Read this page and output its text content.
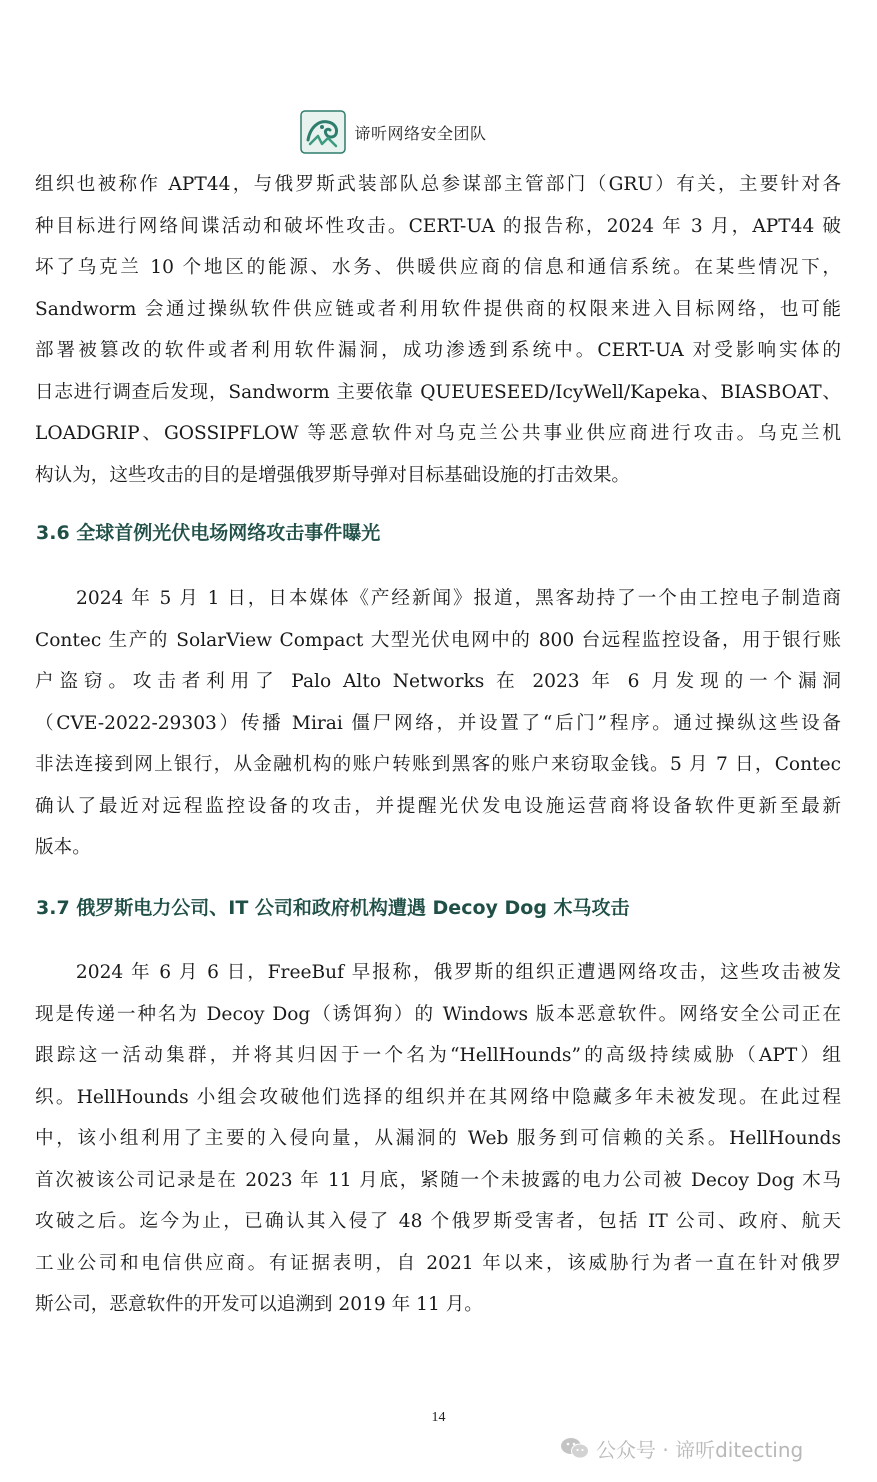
谛听网络安全团队
组织也被称作 APT44，与俄罗斯武装部队总参谋部主管部门（GRU）有关，主要针对各
种目标进行网络间谍活动和破坏性攻击。CERT-UA 的报告称，2024 年 3 月，APT44 破
坏了乌克兰 10 个地区的能源、水务、供暖供应商的信息和通信系统。在某些情况下，
Sandworm 会通过操纵软件供应链或者利用软件提供商的权限来进入目标网络，也可能
部署被篡改的软件或者利用软件漏洞，成功渗透到系统中。CERT-UA 对受影响实体的
日志进行调查后发现，Sandworm 主要依靠 QUEUESEED/IcyWell/Kapeka、BIASBOAT、
LOADGRIP、GOSSIPFLOW 等恶意软件对乌克兰公共事业供应商进行攻击。乌克兰机
构认为，这些攻击的目的是增强俄罗斯导弹对目标基础设施的打击效果。
3.6 全球首例光伏电场网络攻击事件曝光
　　2024 年 5 月 1 日，日本媒体《产经新闻》报道，黑客劫持了一个由工控电子制造商
Contec 生产的 SolarView Compact 大型光伏电网中的 800 台远程监控设备，用于银行账
户盗窃。攻击者利用了 Palo Alto Networks 在 2023 年 6 月发现的一个漏洞
（CVE-2022-29303）传播 Mirai 僵尸网络，并设置了“后门”程序。通过操纵这些设备
非法连接到网上银行，从金融机构的账户转账到黑客的账户来窃取金钱。5 月 7 日，Contec
确认了最近对远程监控设备的攻击，并提醒光伏发电设施运营商将设备软件更新至最新
版本。
3.7 俄罗斯电力公司、IT 公司和政府机构遭遇 Decoy Dog 木马攻击
　　2024 年 6 月 6 日，FreeBuf 早报称，俄罗斯的组织正遭遇网络攻击，这些攻击被发
现是传递一种名为 Decoy Dog（诱饵狗）的 Windows 版本恶意软件。网络安全公司正在
跟踪这一活动集群，并将其归因于一个名为“HellHounds”的高级持续威胁（APT）组
织。HellHounds 小组会攻破他们选择的组织并在其网络中隐藏多年未被发现。在此过程
中，该小组利用了主要的入侵向量，从漏洞的 Web 服务到可信赖的关系。HellHounds
首次被该公司记录是在 2023 年 11 月底，紧随一个未披露的电力公司被 Decoy Dog 木马
攻破之后。迄今为止，已确认其入侵了 48 个俄罗斯受害者，包括 IT 公司、政府、航天
工业公司和电信供应商。有证据表明，自 2021 年以来，该威胁行为者一直在针对俄罗
斯公司，恶意软件的开发可以追溯到 2019 年 11 月。
14
公众号 · 谛听ditecting
